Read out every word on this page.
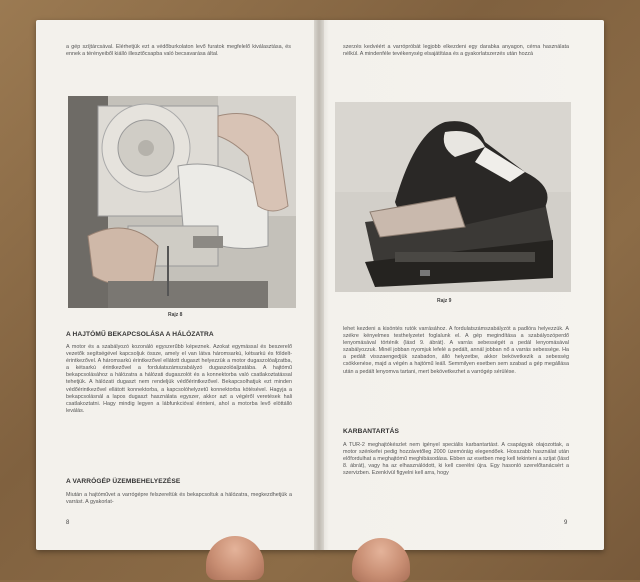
a gép szíjtárcsával. Elérhetjük ezt a védőburkolaton levő furatok megfelelő kiválasztása, és ennek a térényeiből kiálló illesztőcsapba való becsavarása által.
Rajz 8
A HAJTÓMŰ BEKAPCSOLÁSA A HÁLÓZATRA
A motor és a szabályozó kozonáló egyszerűbb képeznek. Azokat egymással és beszerelő vezetők segítségével kapcsoljuk össze, amely el van látva háromsarkú, kétsarkú és földelt- érintkezővel. A háromsarkú érintkezővel ellátott dugaszt helyezzük a motor dugaszolóaljzatba, a kétsarkú érintkezővel a fordulatszámszabályzó dugaszolóaljzatába. A hajtómű bekapcsolásához a hálózatra a hálózati dugaszolót és a konnektorba való csatlakoztatással tehetjük. A hálózati dugaszt nem rendeljük védőérintkezővel. Bekapcsolhatjuk ezt minden védőérintkezővel ellátott konnektorba, a kapcsolóhelyzetű konnektorba kötésével. Hagyja a bekapcsolásnál a lapos dugaszt használata egyszer, akkor azt a végéről veretések hali csatlakoztatni. Hagy mindig legyen a lábfunkcióval érinteni, ahol a motorba levő elöttálló leválás.
A VARRÓGÉP ÜZEMBEHELYEZÉSE
Miután a hajtóművet a varrógépre felszereltük és bekapcsoltuk a hálózatra, megkezdhetjük a varrást. A gyakorlat-
8
szerzés kedvéért a varrópróbát legjobb elkezdeni egy darabka anyagon, cérna használata nélkül. A mindenféle tevékenység elsajátítása és a gyakorlatszerzés után hozzá
Rajz 9
lehet kezdeni a kisöntés rutók varrásához. A fordulatszámszabályzót a padlóra helyezzük. A székre kényelmes testhelyzetet foglalunk el. A gép megindítása a szabályozóperdő lenyomásával történik (lásd 9. ábrát). A varrás sebességét a pedál lenyomásával szabályozzuk. Minél jobban nyomjuk lefelé a pedált, annál jobban nő a varrás sebessége. Ha a pedált visszaengedjük szabadon, álló helyzetbe, akkor bekövetkezik a sebesség csökkenése, majd a végén a hajtómű leáll. Semmilyen esetben sem szabad a gép megállása után a pedált lenyomva tartani, mert bekövetkezhet a varrógép sérülése.
KARBANTARTÁS
A TUR-2 meghajtókészlet nem igényel speciális karbantartást. A csapágyak olajozottak, a motor szénkefei pedig hozzávetőleg 2000 üzemóráig elegendőek. Hosszabb használat után előfordulhat a meghajtómű meghibásodása. Ebben az esetben meg kell tekinteni a szíjat (lásd 8. ábrát), vagy ha az elhasználódott, ki kell cserélni újra. Egy hasonló szerelőtanácsért a szervizben. Ezenkívül figyelni kell arra, hogy
9
